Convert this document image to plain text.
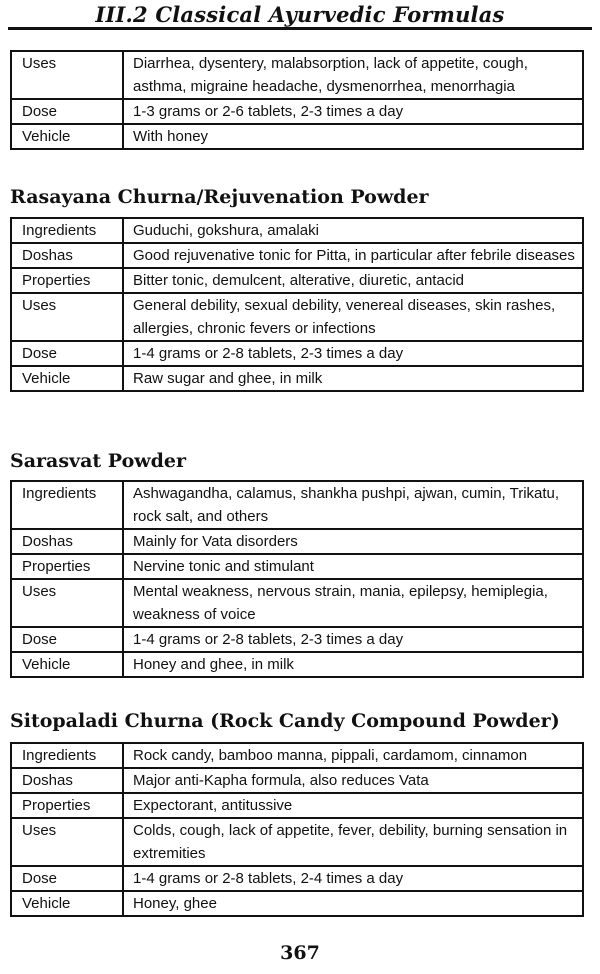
III.2 Classical Ayurvedic Formulas
Uses	Diarrhea, dysentery, malabsorption, lack of appetite, cough, asthma, migraine headache, dysmenorrhea, menorrhagia
Dose	1-3 grams or 2-6 tablets, 2-3 times a day
Vehicle	With honey
Rasayana Churna/Rejuvenation Powder
Ingredients	Guduchi, gokshura, amalaki
Doshas	Good rejuvenative tonic for Pitta, in particular after febrile diseases
Properties	Bitter tonic, demulcent, alterative, diuretic, antacid
Uses	General debility, sexual debility, venereal diseases, skin rashes, allergies, chronic fevers or infections
Dose	1-4 grams or 2-8 tablets, 2-3 times a day
Vehicle	Raw sugar and ghee, in milk
Sarasvat Powder
Ingredients	Ashwagandha, calamus, shankha pushpi, ajwan, cumin, Trikatu, rock salt, and others
Doshas	Mainly for Vata disorders
Properties	Nervine tonic and stimulant
Uses	Mental weakness, nervous strain, mania, epilepsy, hemiplegia, weakness of voice
Dose	1-4 grams or 2-8 tablets, 2-3 times a day
Vehicle	Honey and ghee, in milk
Sitopaladi Churna (Rock Candy Compound Powder)
Ingredients	Rock candy, bamboo manna, pippali, cardamom, cinnamon
Doshas	Major anti-Kapha formula, also reduces Vata
Properties	Expectorant, antitussive
Uses	Colds, cough, lack of appetite, fever, debility, burning sensation in extremities
Dose	1-4 grams or 2-8 tablets, 2-4 times a day
Vehicle	Honey, ghee
367
